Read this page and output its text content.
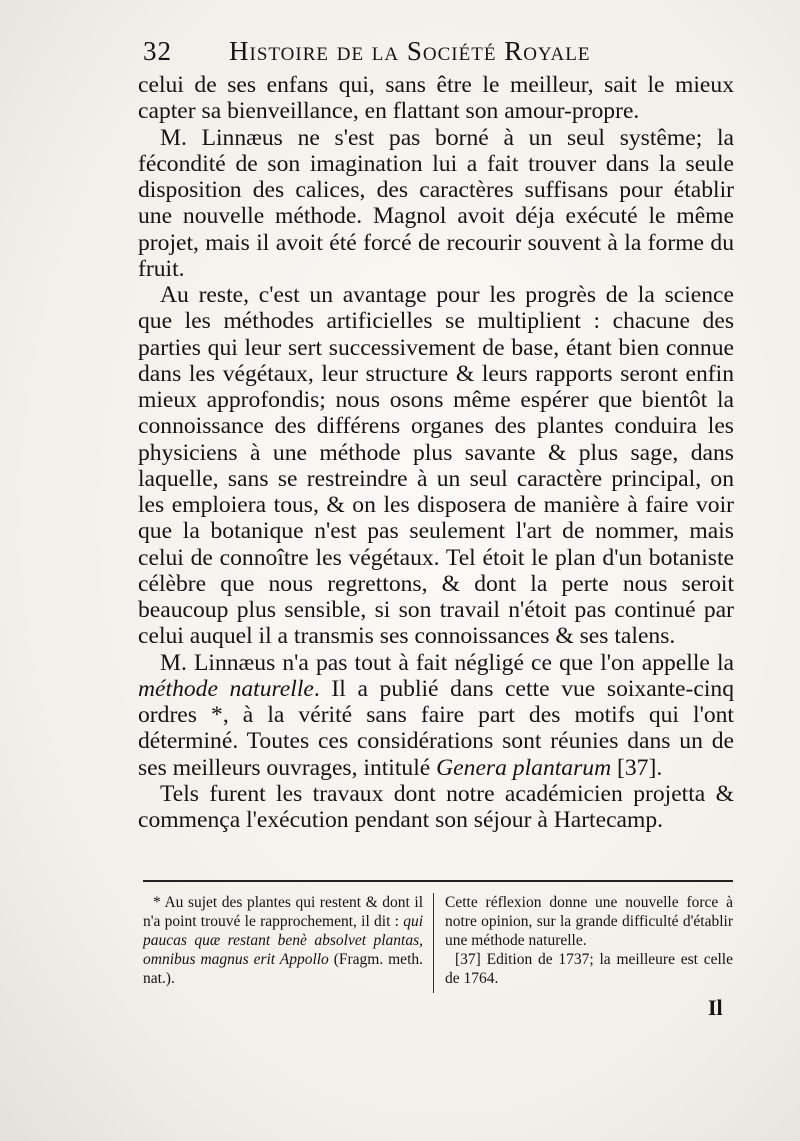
32 Histoire de la Société Royale

celui de ses enfans qui, sans être le meilleur, sait le mieux capter sa bienveillance, en flattant son amour-propre.

M. Linnæus ne s'est pas borné à un seul systême; la fécondité de son imagination lui a fait trouver dans la seule disposition des calices, des caractères suffisans pour établir une nouvelle méthode. Magnol avoit déja exécuté le même projet, mais il avoit été forcé de recourir souvent à la forme du fruit.

Au reste, c'est un avantage pour les progrès de la science que les méthodes artificielles se multiplient : chacune des parties qui leur sert successivement de base, étant bien connue dans les végétaux, leur structure & leurs rapports seront enfin mieux approfondis; nous osons même espérer que bientôt la connoissance des différens organes des plantes conduira les physiciens à une méthode plus savante & plus sage, dans laquelle, sans se restreindre à un seul caractère principal, on les emploiera tous, & on les disposera de manière à faire voir que la botanique n'est pas seulement l'art de nommer, mais celui de connoître les végétaux. Tel étoit le plan d'un botaniste célèbre que nous regrettons, & dont la perte nous seroit beaucoup plus sensible, si son travail n'étoit pas continué par celui auquel il a transmis ses connoissances & ses talens.

M. Linnæus n'a pas tout à fait négligé ce que l'on appelle la méthode naturelle. Il a publié dans cette vue soixante-cinq ordres *, à la vérité sans faire part des motifs qui l'ont déterminé. Toutes ces considérations sont réunies dans un de ses meilleurs ouvrages, intitulé Genera plantarum [37].

Tels furent les travaux dont notre académicien projetta & commença l'exécution pendant son séjour à Hartecamp.

* Au sujet des plantes qui restent & dont il n'a point trouvé le rapprochement, il dit : qui paucas quæ restant benè absolvet plantas, omnibus magnus erit Appollo (Fragm. meth. nat.).

Cette réflexion donne une nouvelle force à notre opinion, sur la grande difficulté d'établir une méthode naturelle.

[37] Edition de 1737; la meilleure est celle de 1764.

Il
